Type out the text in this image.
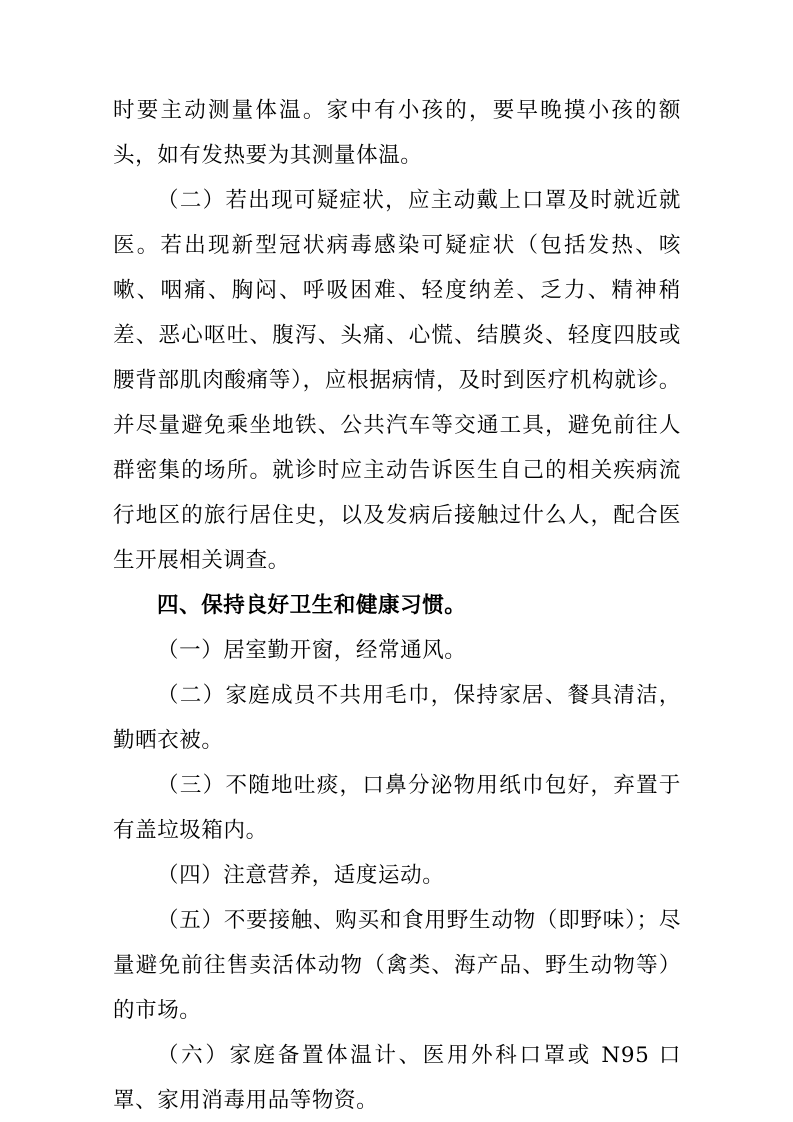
时要主动测量体温。家中有小孩的，要早晚摸小孩的额头，如有发热要为其测量体温。

（二）若出现可疑症状，应主动戴上口罩及时就近就医。若出现新型冠状病毒感染可疑症状（包括发热、咳嗽、咽痛、胸闷、呼吸困难、轻度纳差、乏力、精神稍差、恶心呕吐、腹泻、头痛、心慌、结膜炎、轻度四肢或腰背部肌肉酸痛等），应根据病情，及时到医疗机构就诊。并尽量避免乘坐地铁、公共汽车等交通工具，避免前往人群密集的场所。就诊时应主动告诉医生自己的相关疾病流行地区的旅行居住史，以及发病后接触过什么人，配合医生开展相关调查。

四、保持良好卫生和健康习惯。

（一）居室勤开窗，经常通风。

（二）家庭成员不共用毛巾，保持家居、餐具清洁，勤晒衣被。

（三）不随地吐痰，口鼻分泌物用纸巾包好，弃置于有盖垃圾箱内。

（四）注意营养，适度运动。

（五）不要接触、购买和食用野生动物（即野味）；尽量避免前往售卖活体动物（禽类、海产品、野生动物等）的市场。

（六）家庭备置体温计、医用外科口罩或 N95 口罩、家用消毒用品等物资。
